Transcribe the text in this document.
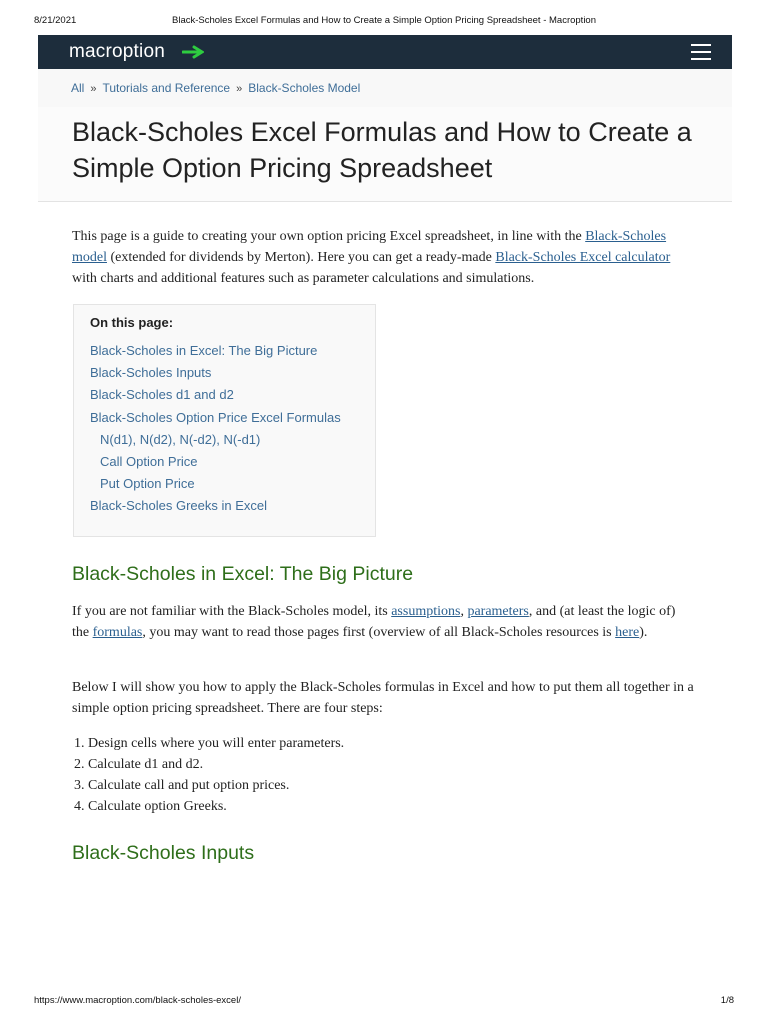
8/21/2021	Black-Scholes Excel Formulas and How to Create a Simple Option Pricing Spreadsheet - Macroption
macroption
All » Tutorials and Reference » Black-Scholes Model
Black-Scholes Excel Formulas and How to Create a Simple Option Pricing Spreadsheet

This page is a guide to creating your own option pricing Excel spreadsheet, in line with the Black-Scholes model (extended for dividends by Merton). Here you can get a ready-made Black-Scholes Excel calculator with charts and additional features such as parameter calculations and simulations.

On this page:
Black-Scholes in Excel: The Big Picture
Black-Scholes Inputs
Black-Scholes d1 and d2
Black-Scholes Option Price Excel Formulas
N(d1), N(d2), N(-d2), N(-d1)
Call Option Price
Put Option Price
Black-Scholes Greeks in Excel
Black-Scholes in Excel: The Big Picture

If you are not familiar with the Black-Scholes model, its assumptions, parameters, and (at least the logic of) the formulas, you may want to read those pages first (overview of all Black-Scholes resources is here).

Below I will show you how to apply the Black-Scholes formulas in Excel and how to put them all together in a simple option pricing spreadsheet. There are four steps:

1. Design cells where you will enter parameters.
2. Calculate d1 and d2.
3. Calculate call and put option prices.
4. Calculate option Greeks.
Black-Scholes Inputs
https://www.macroption.com/black-scholes-excel/	1/8
